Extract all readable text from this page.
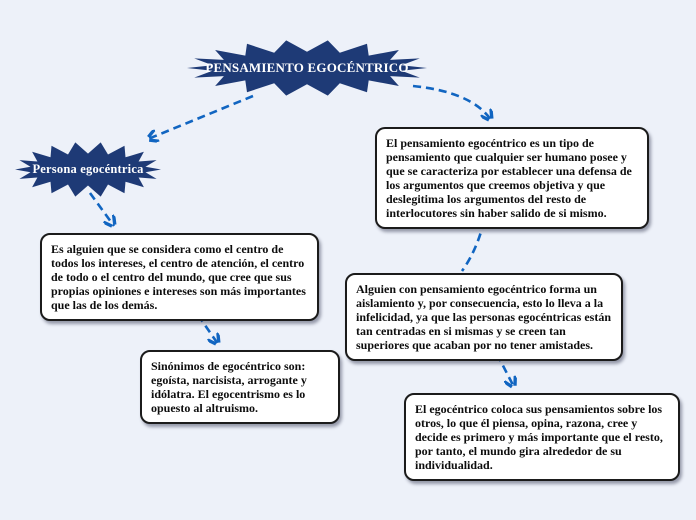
PENSAMIENTO EGOCÉNTRICO
Persona egocéntrica

El pensamiento egocéntrico es un tipo de pensamiento que cualquier ser humano posee y que se caracteriza por establecer una defensa de los argumentos que creemos objetiva y que deslegitima los argumentos del resto de interlocutores sin haber salido de si mismo.

Es alguien que se considera como el centro de todos los intereses, el centro de atención, el centro de todo o el centro del mundo, que cree que sus propias opiniones e intereses son más importantes que las de los demás.

Sinónimos de egocéntrico son: egoísta, narcisista, arrogante y idólatra. El egocentrismo es lo opuesto al altruismo.

Alguien con pensamiento egocéntrico forma un aislamiento y, por consecuencia, esto lo lleva a la infelicidad, ya que las personas egocéntricas están tan centradas en si mismas y se creen tan superiores que acaban por no tener amistades.

El egocéntrico coloca sus pensamientos sobre los otros, lo que él piensa, opina, razona, cree y decide es primero y más importante que el resto, por tanto, el mundo gira alrededor de su individualidad.
